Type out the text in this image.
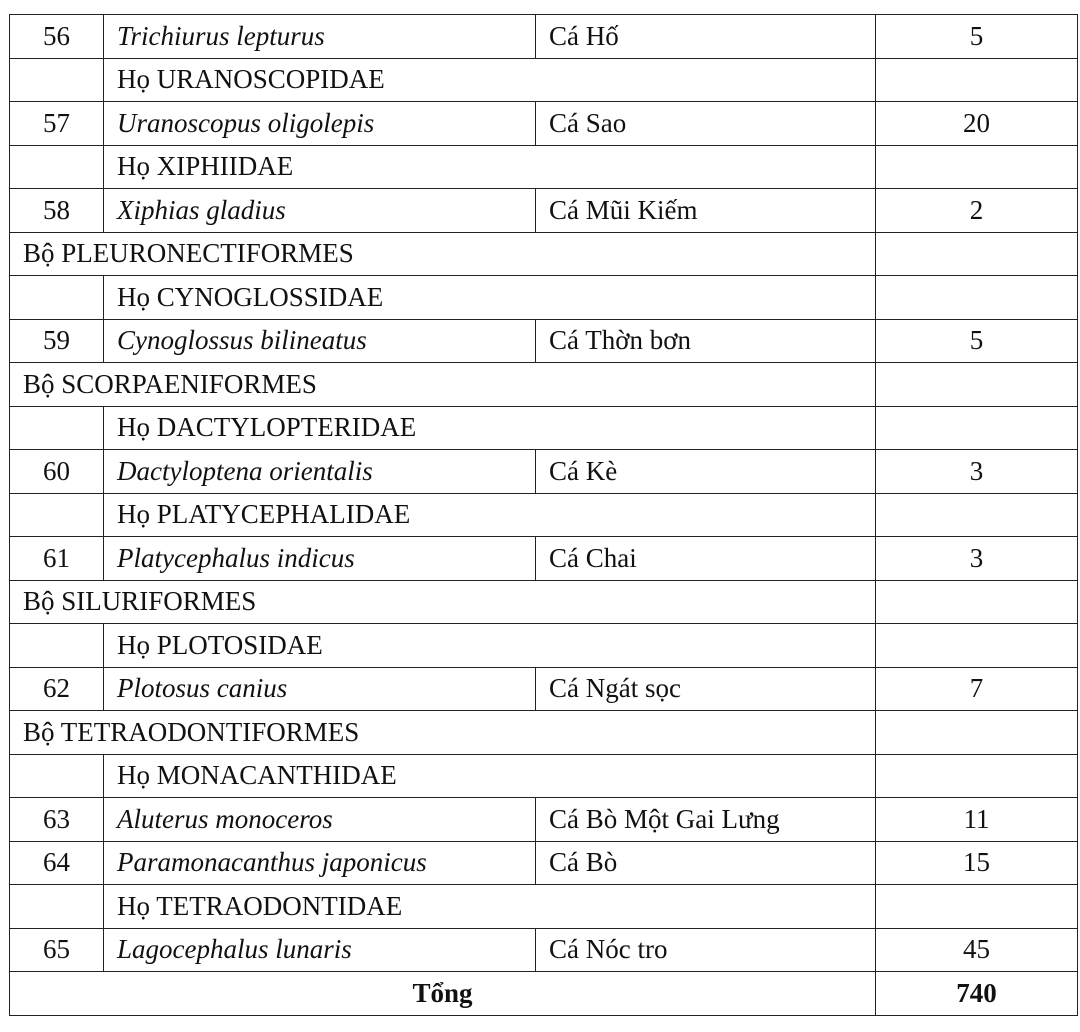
56	Trichiurus lepturus	Cá Hố	5
	Họ URANOSCOPIDAE		
57	Uranoscopus oligolepis	Cá Sao	20
	Họ XIPHIIDAE		
58	Xiphias gladius	Cá Mũi Kiếm	2
Bộ PLEURONECTIFORMES			
	Họ CYNOGLOSSIDAE		
59	Cynoglossus bilineatus	Cá Thờn bơn	5
Bộ SCORPAENIFORMES			
	Họ DACTYLOPTERIDAE		
60	Dactyloptena orientalis	Cá Kè	3
	Họ PLATYCEPHALIDAE		
61	Platycephalus indicus	Cá Chai	3
Bộ SILURIFORMES			
	Họ PLOTOSIDAE		
62	Plotosus canius	Cá Ngát sọc	7
Bộ TETRAODONTIFORMES			
	Họ MONACANTHIDAE		
63	Aluterus monoceros	Cá Bò Một Gai Lưng	11
64	Paramonacanthus japonicus	Cá Bò	15
	Họ TETRAODONTIDAE		
65	Lagocephalus lunaris	Cá Nóc tro	45
Tổng			740
